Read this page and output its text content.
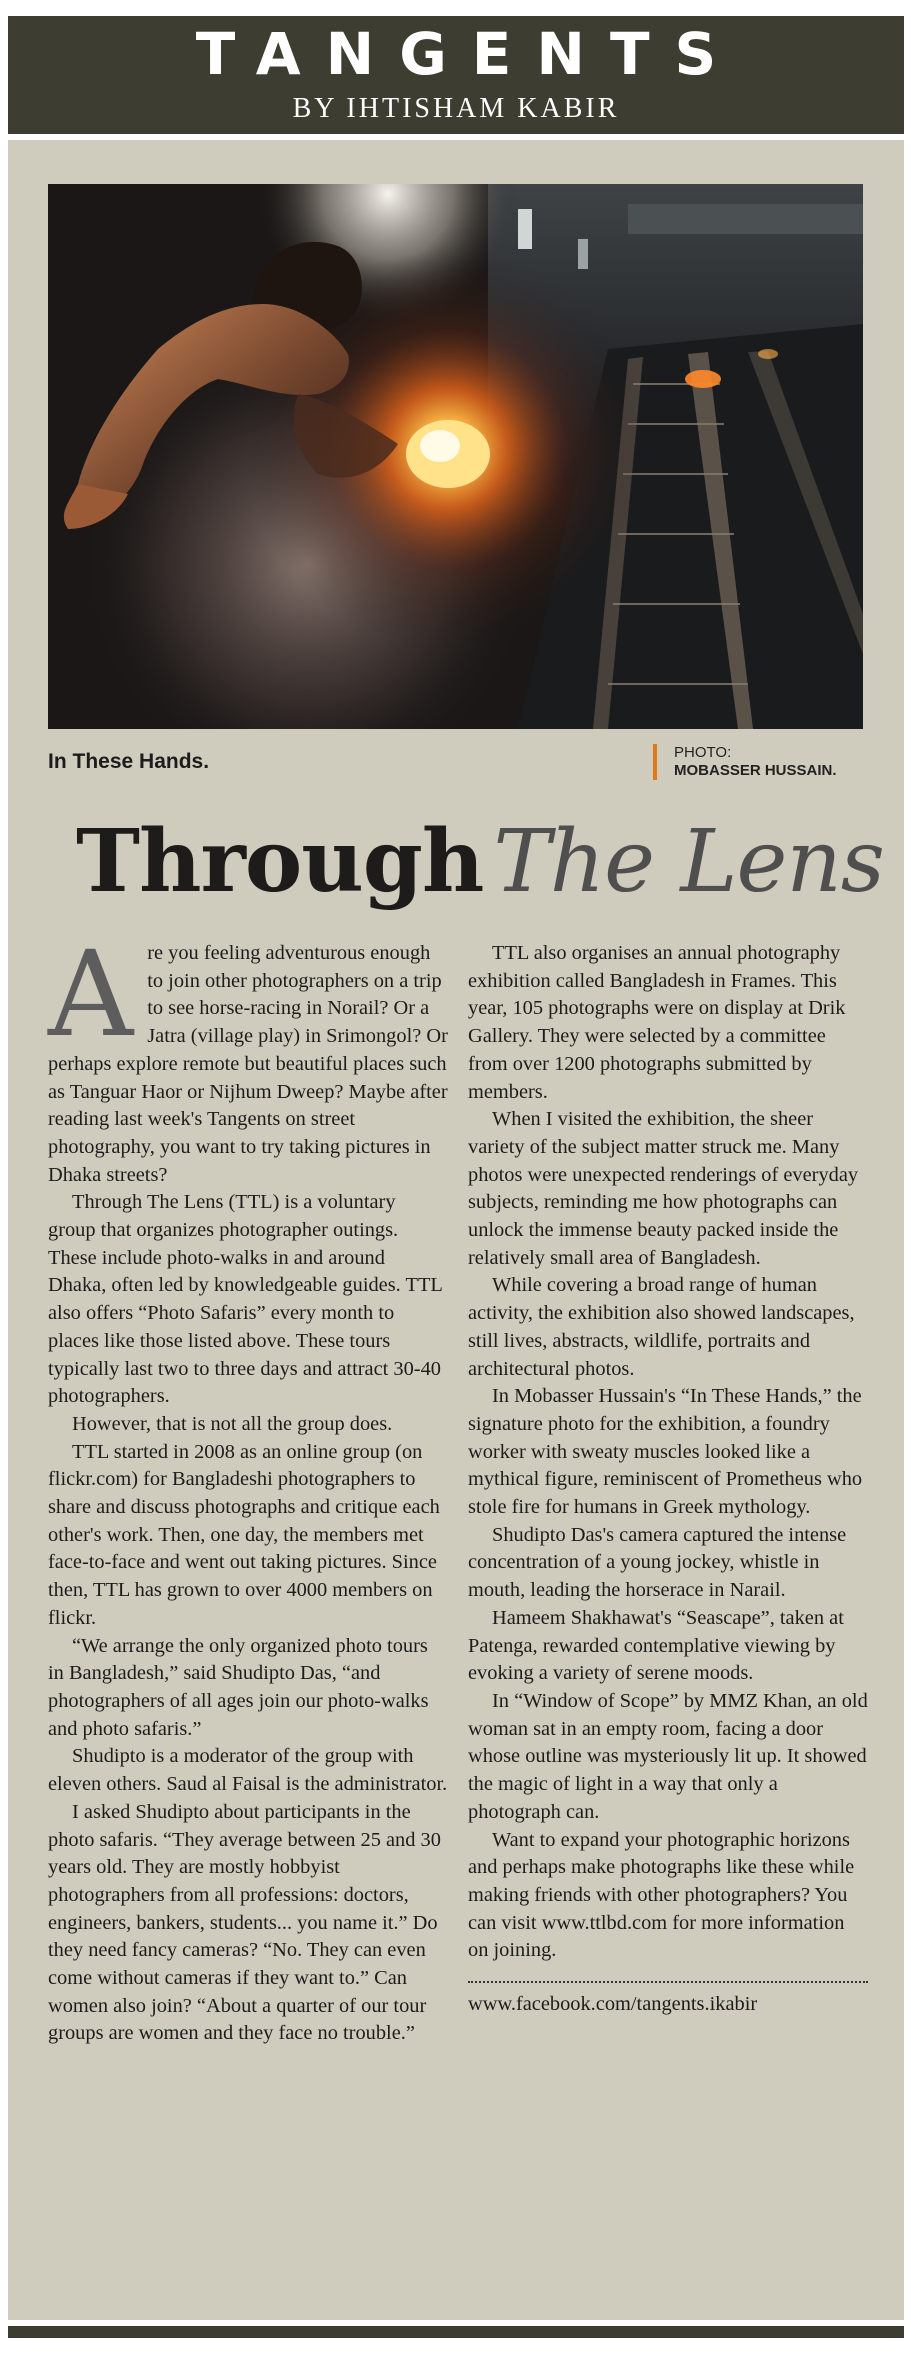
TANGENTS
BY IHTISHAM KABIR
In These Hands.	PHOTO:
MOBASSER HUSSAIN.
Through The Lens
A re you feeling adventurous enough to join other photographers on a trip to see horse-racing in Norail? Or a Jatra (village play) in Srimongol? Or perhaps explore remote but beautiful places such as Tanguar Haor or Nijhum Dweep? Maybe after reading last week's Tangents on street photography, you want to try taking pictures in Dhaka streets?

Through The Lens (TTL) is a voluntary group that organizes photographer outings. These include photo-walks in and around Dhaka, often led by knowledgeable guides. TTL also offers “Photo Safaris” every month to places like those listed above. These tours typically last two to three days and attract 30-40 photographers.

However, that is not all the group does.

TTL started in 2008 as an online group (on flickr.com) for Bangladeshi photographers to share and discuss photographs and critique each other's work. Then, one day, the members met face-to-face and went out taking pictures. Since then, TTL has grown to over 4000 members on flickr.

“We arrange the only organized photo tours in Bangladesh,” said Shudipto Das, “and photographers of all ages join our photo-walks and photo safaris.”

Shudipto is a moderator of the group with eleven others. Saud al Faisal is the administrator.

I asked Shudipto about participants in the photo safaris. “They average between 25 and 30 years old. They are mostly hobbyist photographers from all professions: doctors, engineers, bankers, students... you name it.” Do they need fancy cameras? “No. They can even come without cameras if they want to.” Can women also join? “About a quarter of our tour groups are women and they face no trouble.”

TTL also organises an annual photography exhibition called Bangladesh in Frames. This year, 105 photographs were on display at Drik Gallery. They were selected by a committee from over 1200 photographs submitted by members.

When I visited the exhibition, the sheer variety of the subject matter struck me. Many photos were unexpected renderings of everyday subjects, reminding me how photographs can unlock the immense beauty packed inside the relatively small area of Bangladesh.

While covering a broad range of human activity, the exhibition also showed landscapes, still lives, abstracts, wildlife, portraits and architectural photos.

In Mobasser Hussain's “In These Hands,” the signature photo for the exhibition, a foundry worker with sweaty muscles looked like a mythical figure, reminiscent of Prometheus who stole fire for humans in Greek mythology.

Shudipto Das's camera captured the intense concentration of a young jockey, whistle in mouth, leading the horserace in Narail.

Hameem Shakhawat's “Seascape”, taken at Patenga, rewarded contemplative viewing by evoking a variety of serene moods.

In “Window of Scope” by MMZ Khan, an old woman sat in an empty room, facing a door whose outline was mysteriously lit up. It showed the magic of light in a way that only a photograph can.

Want to expand your photographic horizons and perhaps make photographs like these while making friends with other photographers? You can visit www.ttlbd.com for more information on joining.

www.facebook.com/tangents.ikabir
